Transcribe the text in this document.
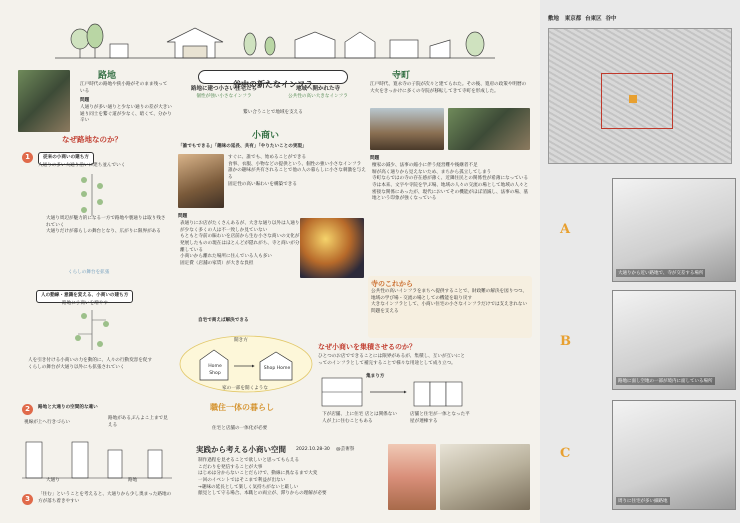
谷中の新たなインフラ
路地に建つ小さい住宅たち
個性が強い小さなインフラ
地域へ開かれた寺
公共性の高い大きなインフラ
繋い合うことで地域を支える
路地
江戸時代の路地や狭小路がそのまま残っている
問題
人通りが多い通りと少ない通りの差が大きい
通り同士を繋ぐ道が少なく、暗くて、分かり辛い
なぜ路地なのか？
寺町
江戸時代、寛永寺の子院が次々と建てられた。その後、寛府の政策や明暦の大火をきっかけに多くの寺院が移転してきて寺町を形成した。
問題
檀家の減少、法事の縮小に伴う経営難や後継者不足
塀が高く通りから見えないため、まちから孤立してしまう
寺町ならではの寺の存在感が薄く、近隣住民との関係性が希薄になっている
寺は本来、文字や寺院を学ぶ場、地域の人々の交流の場として地域の人々と密接な関係にあったが、現代においてその機能がほぼ消滅し、法事の場、墓地という印象が強くなっている
寺のこれから
公共性の高いインフラをまちへ提供することで、財政難の解決を図りつつ、地域の学び場・交流の場としての機能を取り戻す
大きなインフラとして、小商い住宅の小さなインフラだけでは支えきれない問題を支える
小商い
「誰でもできる」「趣味の延長、共有」「やりたいことの実現」
すぐに、誰でも、始めることができる
食事、衣服、小物などの提供という、個性の強い小さなインフラ
誰かの趣味が共有されることで他の人の暮らしに小さな刺激を与える
固定性の高い賑わいを構築できる
問題
表通りにお店がたくさんあるが、大きな通り以外は人通りが少なく多くの人は不一致しか見ていない
もともと寺前の賑わいを店前から生む小さな商いの文化が発展したものの現在はほとんどが隠れがち、寺と商いが分離している
小商いから離れた場所に住んでいる人も多い
固定費（店舗の家賃）が大きな負担
自宅で商えば解決できる
なぜ小商いを集積させるのか？
ひとつのお店でできることには限界があるが、集積し、互いが互いにとってのインフラとして補完することで様々な用途として成り立つ。
開き方
Home Shop
Shop Home
家の一部を開くような
職住一体の暮らし
住宅と店舗の一体化が必要
集まり方
下が店舗、上に住宅 店とは関係ない人が上に住むこともある
店舗と住宅が一体となった平屋が連棟する
実践から考える小商い空間 2022.10.28-30 @芸術祭
制作過程を見せることで欲しいと思ってもらえる
こだわりを発信することが大事
はじめは分からないことだらけで、動線に異なるまで大変
一回のイベントではそこまで利益が出ない
→趣味の延長として楽しく気持ちがないと厳しい
顔見として守る場合、本職との両立が、滞りからの理解が必要
1	従来の小商いの建ち方
人通りの多い大通り沿いに建ち並んでいく
大通り周辺が魅力的になる一方で路地や裏通りは取り残されていく
大通りだけが暮らしの舞台となり、広がりに限界がある
くらしの舞台を拡張
人の動線・意識を変える、小商いの建ち方
路地に小商いを増やす
人を引き付ける小商いの力を動的に、人々の行動変容を促す
くらしの舞台が大通り以外にも拡張されていく
2	路地と大通りの空間的な違い
視線が上へ行きづらい
路地があるぶんよこ上まで見える
大通り	路地
3
「住む」ということを考えると、大通りから少し奥まった路地の方が落ち着きやすい
敷地 東京都 台東区 谷中
A
大通りから近い路地で、寺が交差する場所
B
路地に面し空地の一部が境内に面している場所
C
周りに住宅が多い細路地
